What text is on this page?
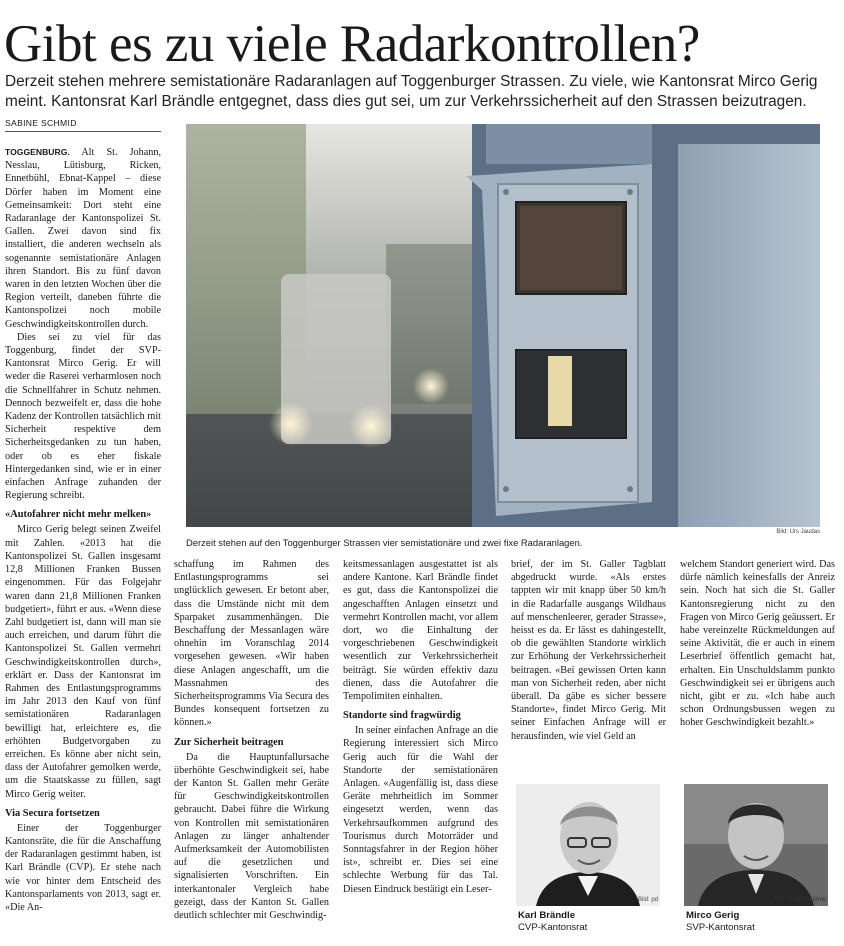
Gibt es zu viele Radarkontrollen?

Derzeit stehen mehrere semistationäre Radaranlagen auf Toggenburger Strassen. Zu viele, wie Kantonsrat Mirco Gerig meint. Kantonsrat Karl Brändle entgegnet, dass dies gut sei, um zur Verkehrssicherheit auf den Strassen beizutragen.

SABINE SCHMID

TOGGENBURG. Alt St. Johann, Nesslau, Lütisburg, Ricken, Ennetbühl, Ebnat-Kappel – diese Dörfer haben im Moment eine Gemeinsamkeit: Dort steht eine Radaranlage der Kantonspolizei St. Gallen. Zwei davon sind fix installiert, die anderen wechseln als sogenannte semistationäre Anlagen ihren Standort. Bis zu fünf davon waren in den letzten Wochen über die Region verteilt, daneben führte die Kantonspolizei noch mobile Geschwindigkeitskontrollen durch.

Dies sei zu viel für das Toggenburg, findet der SVP-Kantonsrat Mirco Gerig. Er will weder die Raserei verharmlosen noch die Schnellfahrer in Schutz nehmen. Dennoch bezweifelt er, dass die hohe Kadenz der Kontrollen tatsächlich mit Sicherheit respektive dem Sicherheitsgedanken zu tun haben, oder ob es eher fiskale Hintergedanken sind, wie er in einer einfachen Anfrage zuhanden der Regierung schreibt.

«Autofahrer nicht mehr melken»

Mirco Gerig belegt seinen Zweifel mit Zahlen. «2013 hat die Kantonspolizei St. Gallen insgesamt 12,8 Millionen Franken Bussen eingenommen. Für das Folgejahr waren dann 21,8 Millionen Franken budgetiert», führt er aus. «Wenn diese Zahl budgetiert ist, dann will man sie auch erreichen, und darum führt die Kantonspolizei St. Gallen vermehrt Geschwindigkeitskontrollen durch», erklärt er. Dass der Kantonsrat im Rahmen des Entlastungsprogramms im Jahr 2013 den Kauf von fünf semistationären Radaranlagen bewilligt hat, erleichtere es, die erhöhten Budgetvorgaben zu erreichen. Es könne aber nicht sein, dass der Autofahrer gemolken werde, um die Staatskasse zu füllen, sagt Mirco Gerig weiter.

Via Secura fortsetzen

Einer der Toggenburger Kantonsräte, die für die Anschaffung der Radaranlagen gestimmt haben, ist Karl Brändle (CVP). Er stehe nach wie vor hinter dem Entscheid des Kantonsparlaments von 2013, sagt er. «Die An-

Bild: Urs Jaudas
Derzeit stehen auf den Toggenburger Strassen vier semistationäre und zwei fixe Radaranlagen.

schaffung im Rahmen des Entlastungsprogramms sei unglücklich gewesen. Er betont aber, dass die Umstände nicht mit dem Sparpaket zusammenhängen. Die Beschaffung der Messanlagen wäre ohnehin im Voranschlag 2014 vorgesehen gewesen. «Wir haben diese Anlagen angeschafft, um die Massnahmen des Sicherheitsprogramms Via Secura des Bundes konsequent fortsetzen zu können.»

Zur Sicherheit beitragen

Da die Hauptunfallursache überhöhte Geschwindigkeit sei, habe der Kanton St. Gallen mehr Geräte für Geschwindigkeitskontrollen gebraucht. Dabei führe die Wirkung von Kontrollen mit semistationären Anlagen zu länger anhaltender Aufmerksamkeit der Automobilisten auf die gesetzlichen und signalisierten Vorschriften. Ein interkantonaler Vergleich habe gezeigt, dass der Kanton St. Gallen deutlich schlechter mit Geschwindig-

keitsmessanlagen ausgestattet ist als andere Kantone. Karl Brändle findet es gut, dass die Kantonspolizei die angeschafften Anlagen einsetzt und vermehrt Kontrollen macht, vor allem dort, wo die Einhaltung der vorgeschriebenen Geschwindigkeit wesentlich zur Verkehrssicherheit beiträgt. Sie würden effektiv dazu dienen, dass die Autofahrer die Tempolimiten einhalten.

Standorte sind fragwürdig

In seiner einfachen Anfrage an die Regierung interessiert sich Mirco Gerig auch für die Wahl der Standorte der semistationären Anlagen. «Augenfällig ist, dass diese Geräte mehrheitlich im Sommer eingesetzt werden, wenn das Verkehrsaufkommen aufgrund des Tourismus durch Motorräder und Sonntagsfahrer in der Region höher ist», schreibt er. Dies sei eine schlechte Werbung für das Tal. Diesen Eindruck bestätigt ein Leser-

brief, der im St. Galler Tagblatt abgedruckt wurde. «Als erstes tappten wir mit knapp über 50 km/h in die Radarfalle ausgangs Wildhaus auf menschenleerer, gerader Strasse», heisst es da. Er lässt es dahingestellt, ob die gewählten Standorte wirklich zur Erhöhung der Verkehrssicherheit beitragen. «Bei gewissen Orten kann man von Sicherheit reden, aber nicht überall. Da gäbe es sicher bessere Standorte», findet Mirco Gerig. Mit seiner Einfachen Anfrage will er herausfinden, wie viel Geld an

welchem Standort generiert wird. Das dürfe nämlich keinesfalls der Anreiz sein. Noch hat sich die St. Galler Kantonsregierung nicht zu den Fragen von Mirco Gerig geäussert. Er habe vereinzelte Rückmeldungen auf seine Aktivität, die er auch in einem Leserbrief öffentlich gemacht hat, erhalten. Ein Unschuldslamm punkto Geschwindigkeit sei er übrigens auch nicht, gibt er zu. «Ich habe auch schon Ordnungsbussen wegen zu hoher Geschwindigkeit bezahlt.»

Bild: pd
Karl Brändle
CVP-Kantonsrat
Bild: Regina Kühne
Mirco Gerig
SVP-Kantonsrat
